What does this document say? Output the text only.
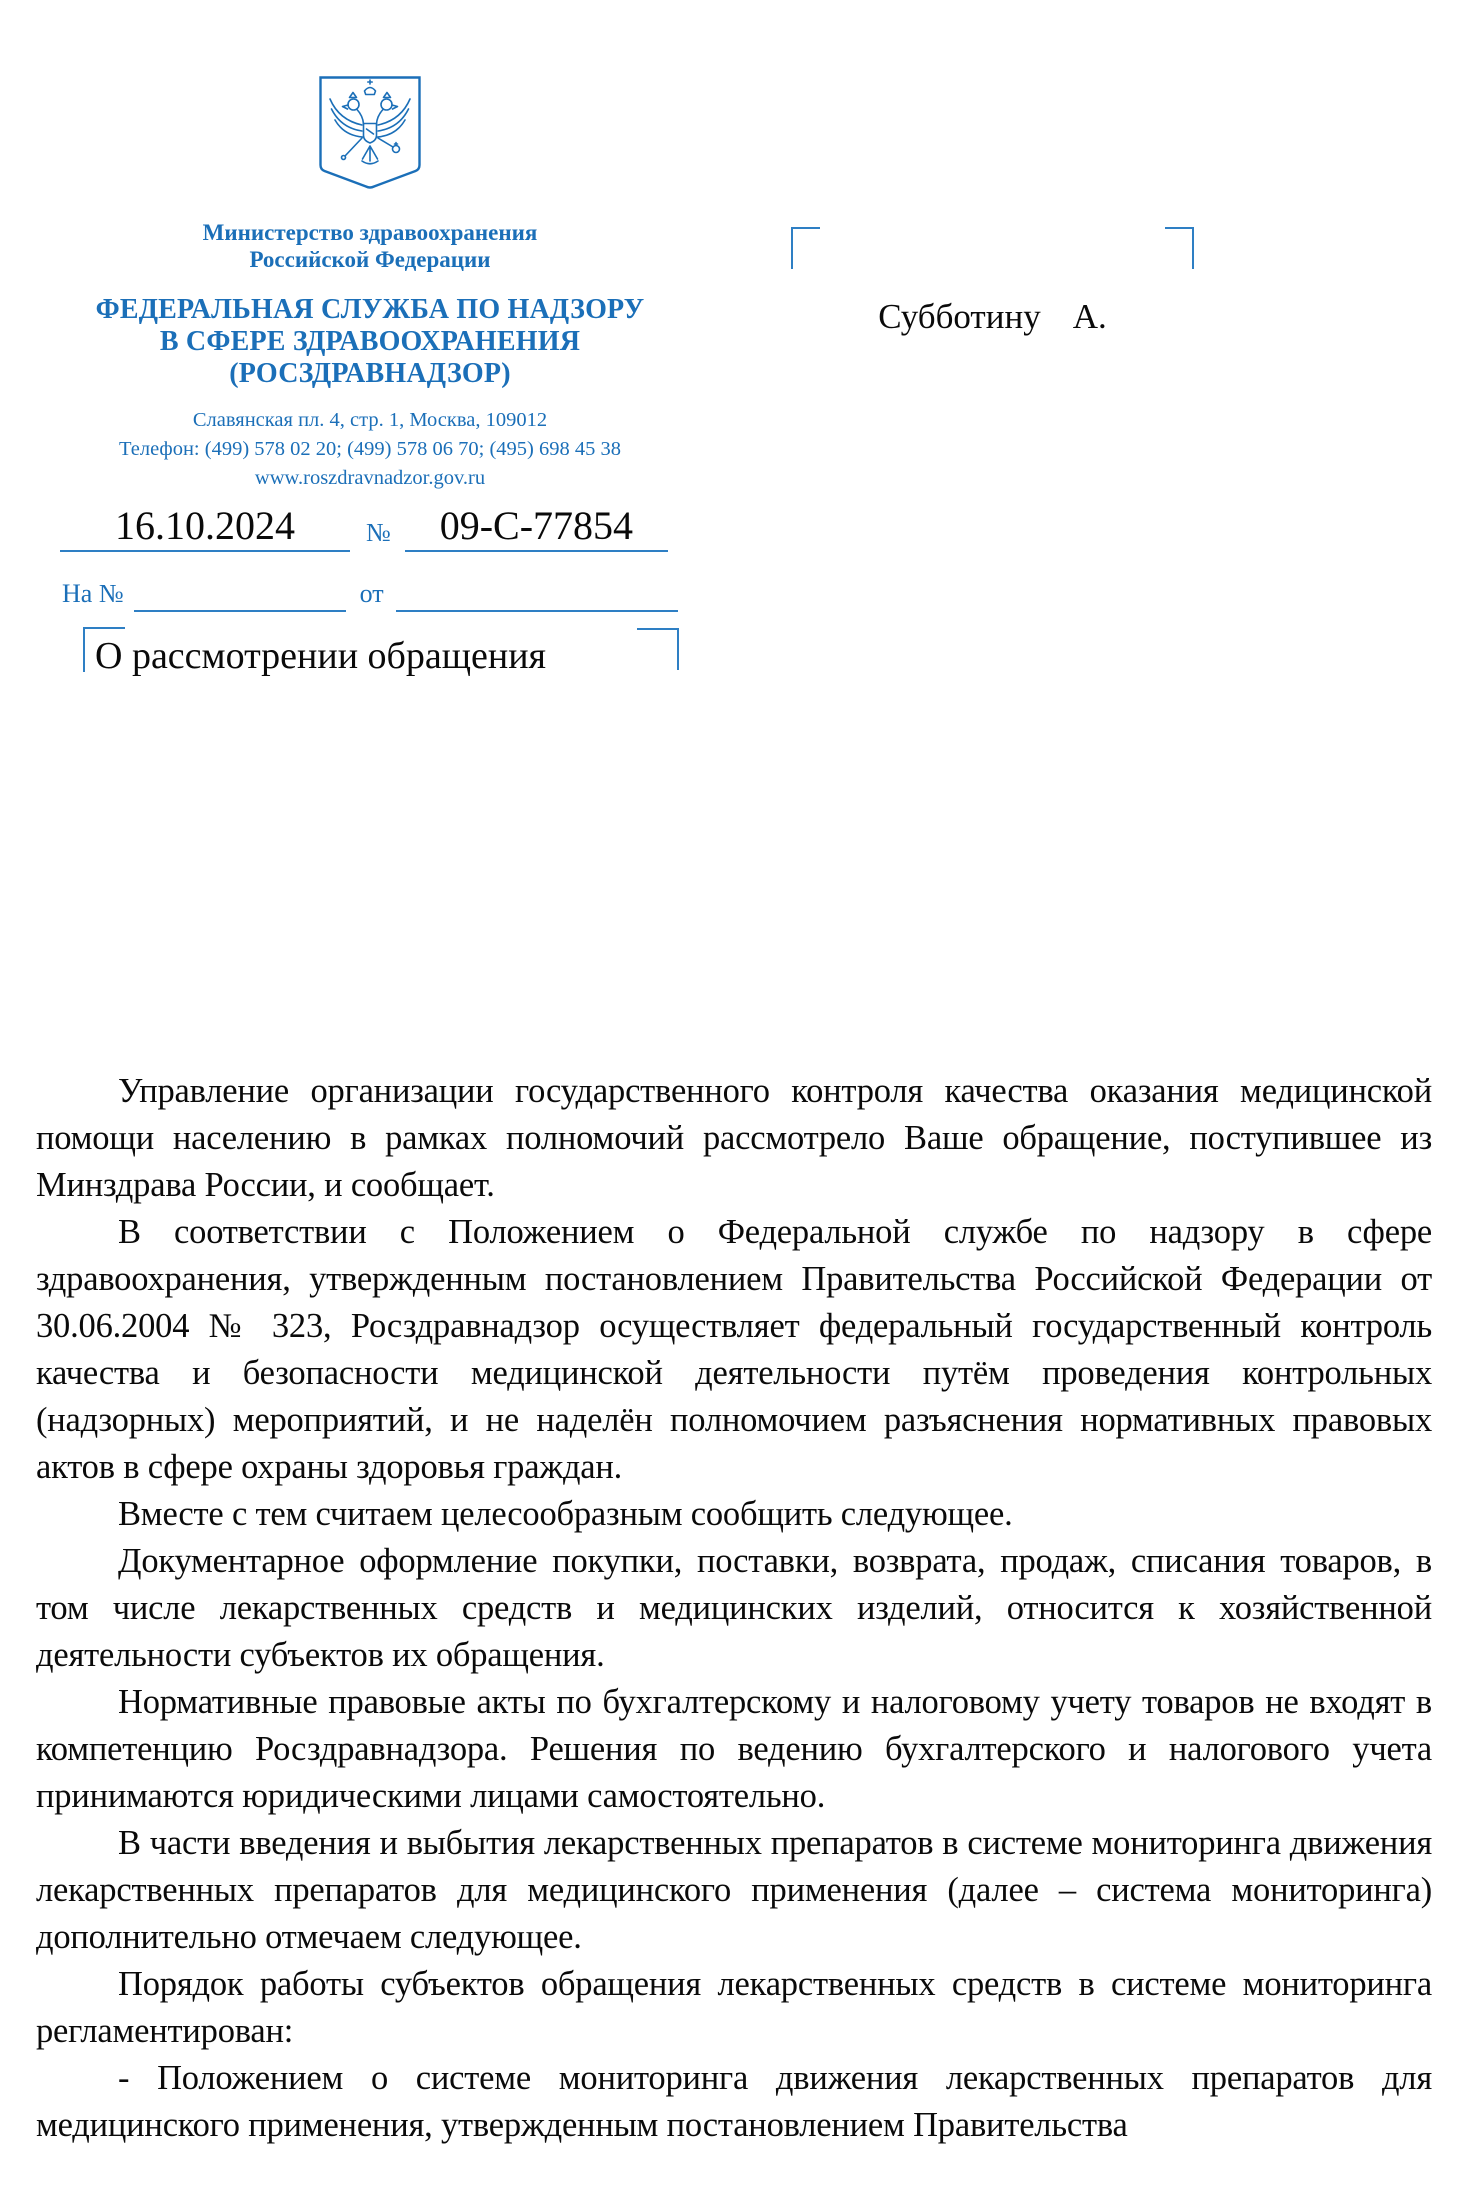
Министерство здравоохранения
Российской Федерации
ФЕДЕРАЛЬНАЯ СЛУЖБА ПО НАДЗОРУ
В СФЕРЕ ЗДРАВООХРАНЕНИЯ
(РОСЗДРАВНАДЗОР)
Славянская пл. 4, стр. 1, Москва, 109012
Телефон: (499) 578 02 20; (499) 578 06 70; (495) 698 45 38
www.roszdravnadzor.gov.ru
16.10.2024	№	09-С-77854
На №	от
О рассмотрении обращения
Субботину А.

Управление организации государственного контроля качества оказания медицинской помощи населению в рамках полномочий рассмотрело Ваше обращение, поступившее из Минздрава России, и сообщает.

В соответствии с Положением о Федеральной службе по надзору в сфере здравоохранения, утвержденным постановлением Правительства Российской Федерации от 30.06.2004 № 323, Росздравнадзор осуществляет федеральный государственный контроль качества и безопасности медицинской деятельности путём проведения контрольных (надзорных) мероприятий, и не наделён полномочием разъяснения нормативных правовых актов в сфере охраны здоровья граждан.

Вместе с тем считаем целесообразным сообщить следующее.

Документарное оформление покупки, поставки, возврата, продаж, списания товаров, в том числе лекарственных средств и медицинских изделий, относится к хозяйственной деятельности субъектов их обращения.

Нормативные правовые акты по бухгалтерскому и налоговому учету товаров не входят в компетенцию Росздравнадзора. Решения по ведению бухгалтерского и налогового учета принимаются юридическими лицами самостоятельно.

В части введения и выбытия лекарственных препаратов в системе мониторинга движения лекарственных препаратов для медицинского применения (далее – система мониторинга) дополнительно отмечаем следующее.

Порядок работы субъектов обращения лекарственных средств в системе мониторинга регламентирован:

- Положением о системе мониторинга движения лекарственных препаратов для медицинского применения, утвержденным постановлением Правительства
